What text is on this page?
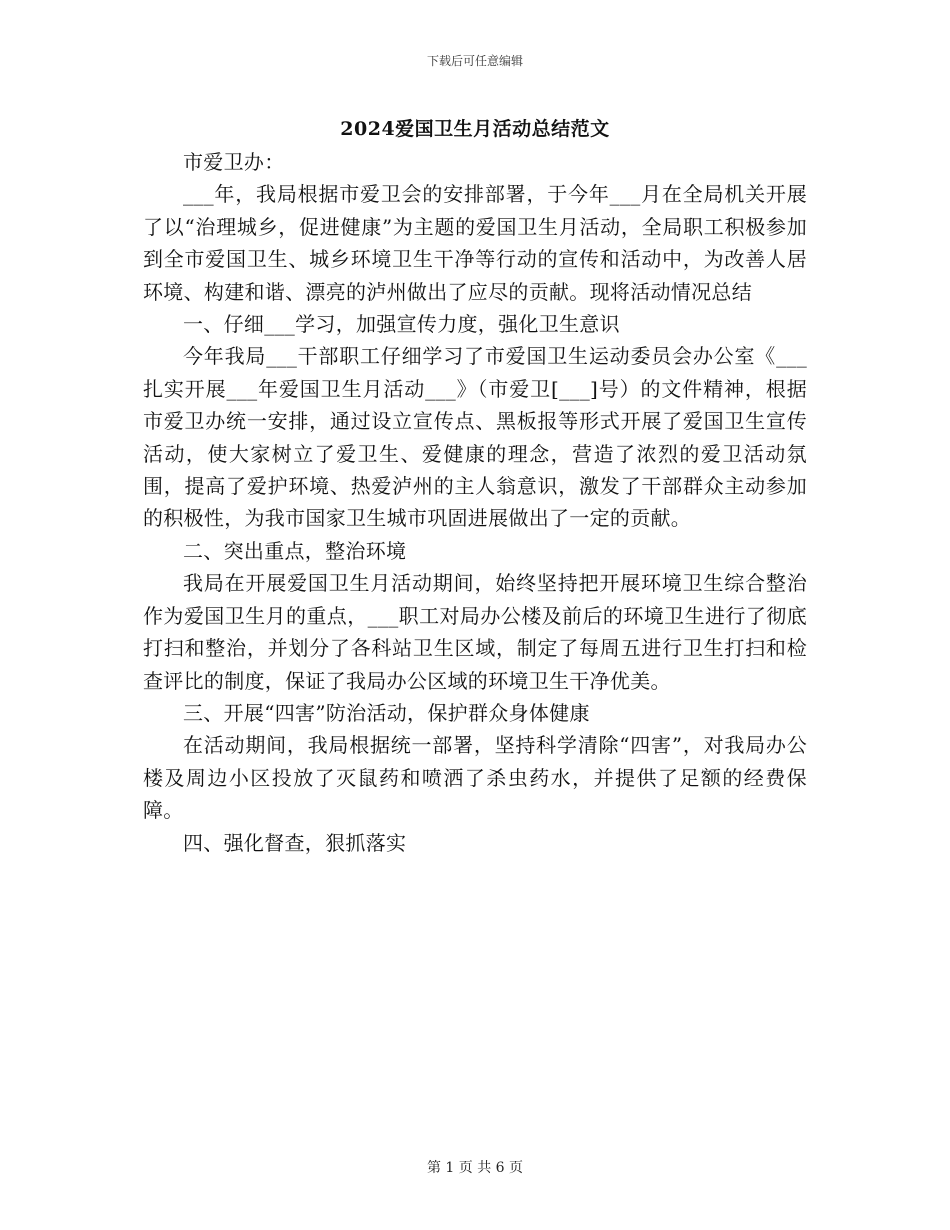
下载后可任意编辑
2024爱国卫生月活动总结范文

市爱卫办：

___年，我局根据市爱卫会的安排部署，于今年___月在全局机关开展了以“治理城乡，促进健康”为主题的爱国卫生月活动，全局职工积极参加到全市爱国卫生、城乡环境卫生干净等行动的宣传和活动中，为改善人居环境、构建和谐、漂亮的泸州做出了应尽的贡献。现将活动情况总结

一、仔细___学习，加强宣传力度，强化卫生意识

今年我局___干部职工仔细学习了市爱国卫生运动委员会办公室《___扎实开展___年爱国卫生月活动___》（市爱卫[___]号）的文件精神，根据市爱卫办统一安排，通过设立宣传点、黑板报等形式开展了爱国卫生宣传活动，使大家树立了爱卫生、爱健康的理念，营造了浓烈的爱卫活动氛围，提高了爱护环境、热爱泸州的主人翁意识，激发了干部群众主动参加的积极性，为我市国家卫生城市巩固进展做出了一定的贡献。

二、突出重点，整治环境

我局在开展爱国卫生月活动期间，始终坚持把开展环境卫生综合整治作为爱国卫生月的重点，___职工对局办公楼及前后的环境卫生进行了彻底打扫和整治，并划分了各科站卫生区域，制定了每周五进行卫生打扫和检查评比的制度，保证了我局办公区域的环境卫生干净优美。

三、开展“四害”防治活动，保护群众身体健康

在活动期间，我局根据统一部署，坚持科学清除“四害”，对我局办公楼及周边小区投放了灭鼠药和喷洒了杀虫药水，并提供了足额的经费保障。

四、强化督查，狠抓落实

第 1 页 共 6 页
